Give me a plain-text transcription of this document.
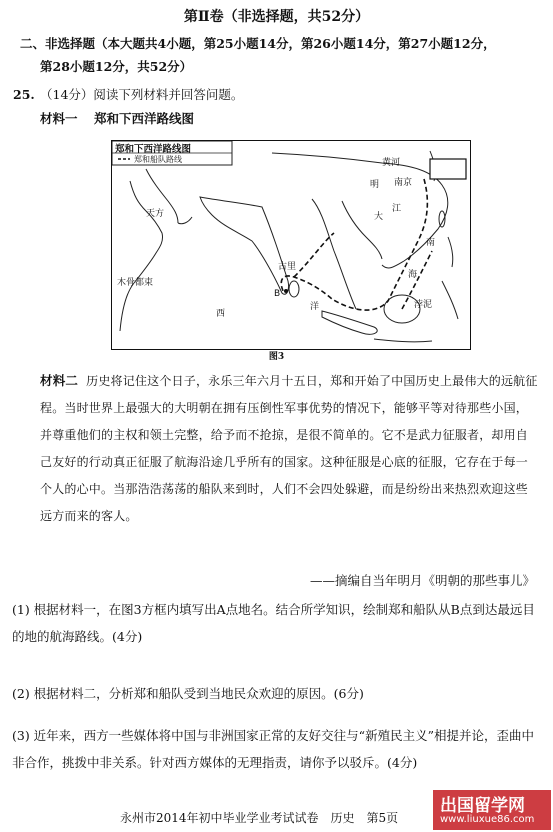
第Ⅱ卷（非选择题，共52分）
二、非选择题（本大题共4小题，第25小题14分，第26小题14分，第27小题12分，
第28小题12分，共52分）
25. （14分）阅读下列材料并回答问题。
材料一 郑和下西洋路线图
郑和下西洋路线图
郑和船队路线
天方
木骨都束
古里
B
西
洋
黄河
南京
明
江
大
南
海
浡泥
图3
材料二 历史将记住这个日子，永乐三年六月十五日，郑和开始了中国历史上最伟大的远航征程。当时世界上最强大的大明朝在拥有压倒性军事优势的情况下，能够平等对待那些小国，并尊重他们的主权和领土完整，给予而不抢掠，是很不简单的。它不是武力征服者，却用自己友好的行动真正征服了航海沿途几乎所有的国家。这种征服是心底的征服，它存在于每一个人的心中。当那浩浩荡荡的船队来到时，人们不会四处躲避，而是纷纷出来热烈欢迎这些远方而来的客人。
——摘编自当年明月《明朝的那些事儿》
(1) 根据材料一，在图3方框内填写出A点地名。结合所学知识，绘制郑和船队从B点到达最远目的地的航海路线。(4分)
(2) 根据材料二，分析郑和船队受到当地民众欢迎的原因。(6分)
(3) 近年来，西方一些媒体将中国与非洲国家正常的友好交往与“新殖民主义”相提并论，歪曲中非合作，挑拨中非关系。针对西方媒体的无理指责，请你予以驳斥。(4分)
永州市2014年初中毕业学业考试试卷　历史　第5页
出国留学网
www.liuxue86.com
